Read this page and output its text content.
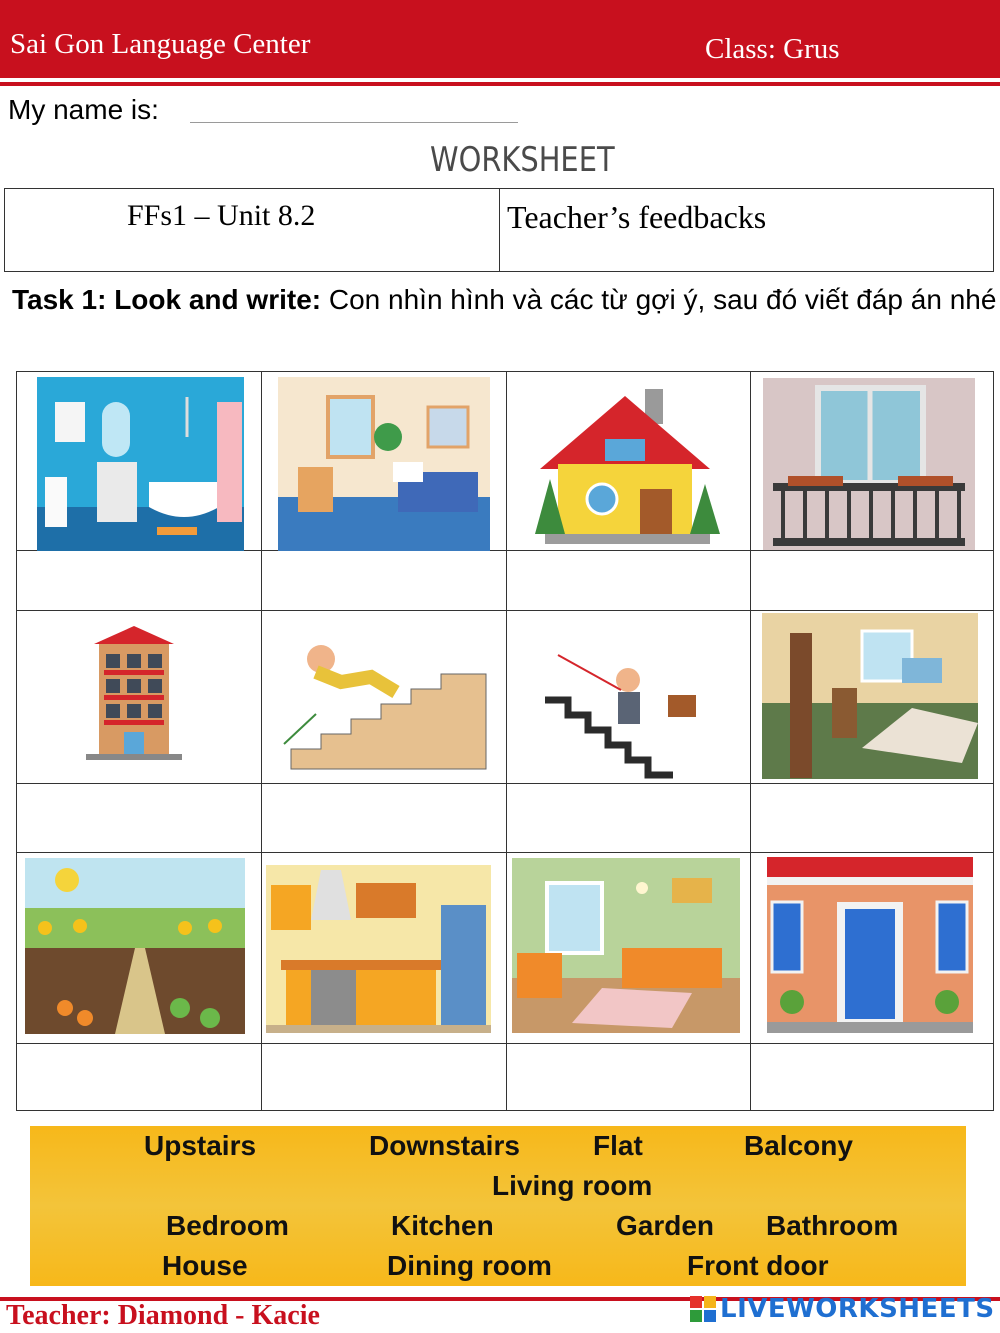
Sai Gon Language Center	Class: Grus
My name is:
WORKSHEET
FFs1 – Unit 8.2	Teacher’s feedbacks
Task 1: Look and write: Con nhìn hình và các từ gợi ý, sau đó viết đáp án nhé
Upstairs	Downstairs	Flat	Balcony
Living room
Bedroom	Kitchen	Garden Bathroom
House	Dining room	Front door
Teacher: Diamond - Kacie	LIVEWORKSHEETS
